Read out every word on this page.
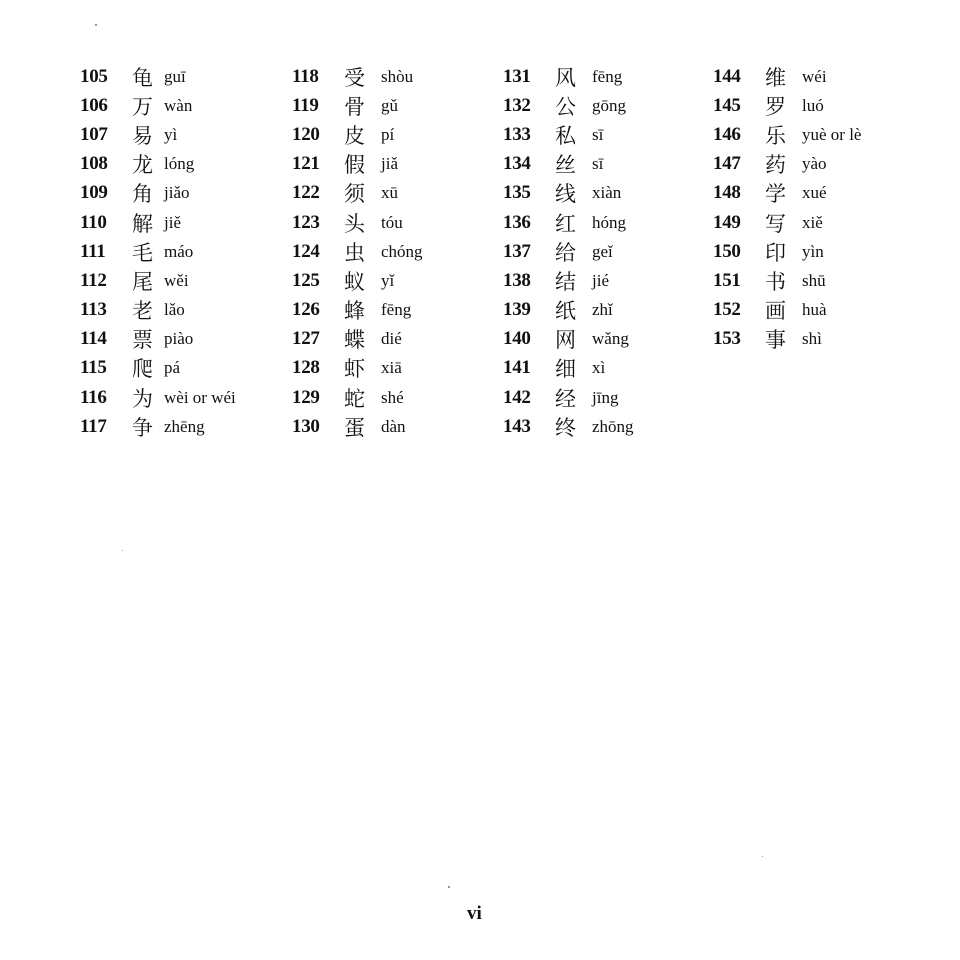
105	龟 guī
106	万 wàn
107	易 yì
108	龙 lóng
109	角 jiǎo
110	解 jiě
111	毛 máo
112	尾 wěi
113	老 lǎo
114	票 piào
115	爬 pá
116	为 wèi or wéi
117	争 zhēng
118	受 shòu
119	骨 gǔ
120	皮 pí
121	假 jiǎ
122	须 xū
123	头 tóu
124	虫 chóng
125	蚁 yǐ
126	蜂 fēng
127	蝶 dié
128	虾 xiā
129	蛇 shé
130	蛋 dàn
131	风 fēng
132	公 gōng
133	私 sī
134	丝 sī
135	线 xiàn
136	红 hóng
137	给 geǐ
138	结 jié
139	纸 zhǐ
140	网 wǎng
141	细 xì
142	经 jīng
143	终 zhōng
144	维 wéi
145	罗 luó
146	乐 yuè or lè
147	药 yào
148	学 xué
149	写 xiě
150	印 yìn
151	书 shū
152	画 huà
153	事 shì
vi
